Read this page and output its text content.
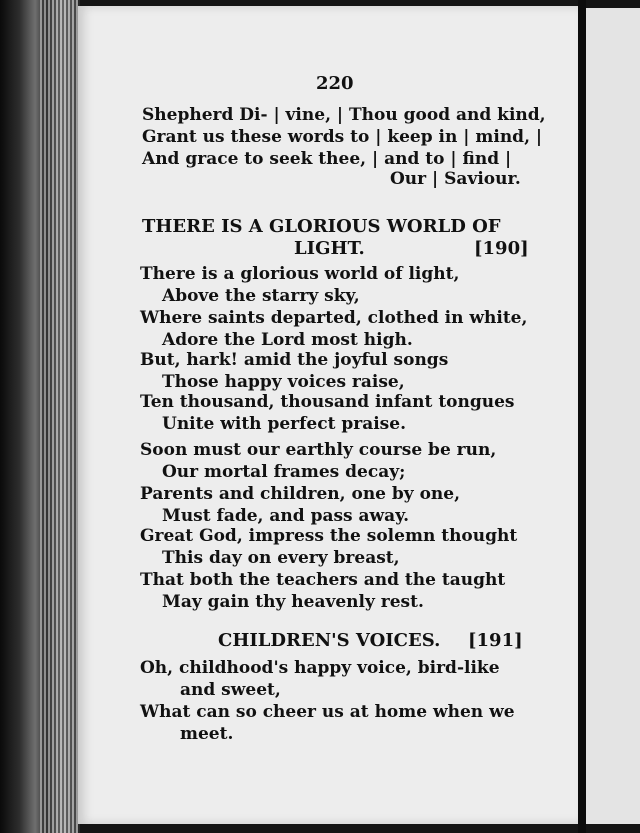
220
Shepherd Di- | vine, | Thou good and kind,
Grant us these words to | keep in | mind, |
And grace to seek thee, | and to | find |
Our | Saviour.
THERE IS A GLORIOUS WORLD OF
LIGHT.	[190]
There is a glorious world of light,
Above the starry sky,
Where saints departed, clothed in white,
Adore the Lord most high.
But, hark! amid the joyful songs
Those happy voices raise,
Ten thousand, thousand infant tongues
Unite with perfect praise.
Soon must our earthly course be run,
Our mortal frames decay;
Parents and children, one by one,
Must fade, and pass away.
Great God, impress the solemn thought
This day on every breast,
That both the teachers and the taught
May gain thy heavenly rest.
CHILDREN'S VOICES. [191]
Oh, childhood's happy voice, bird-like
and sweet,
What can so cheer us at home when we
meet.
